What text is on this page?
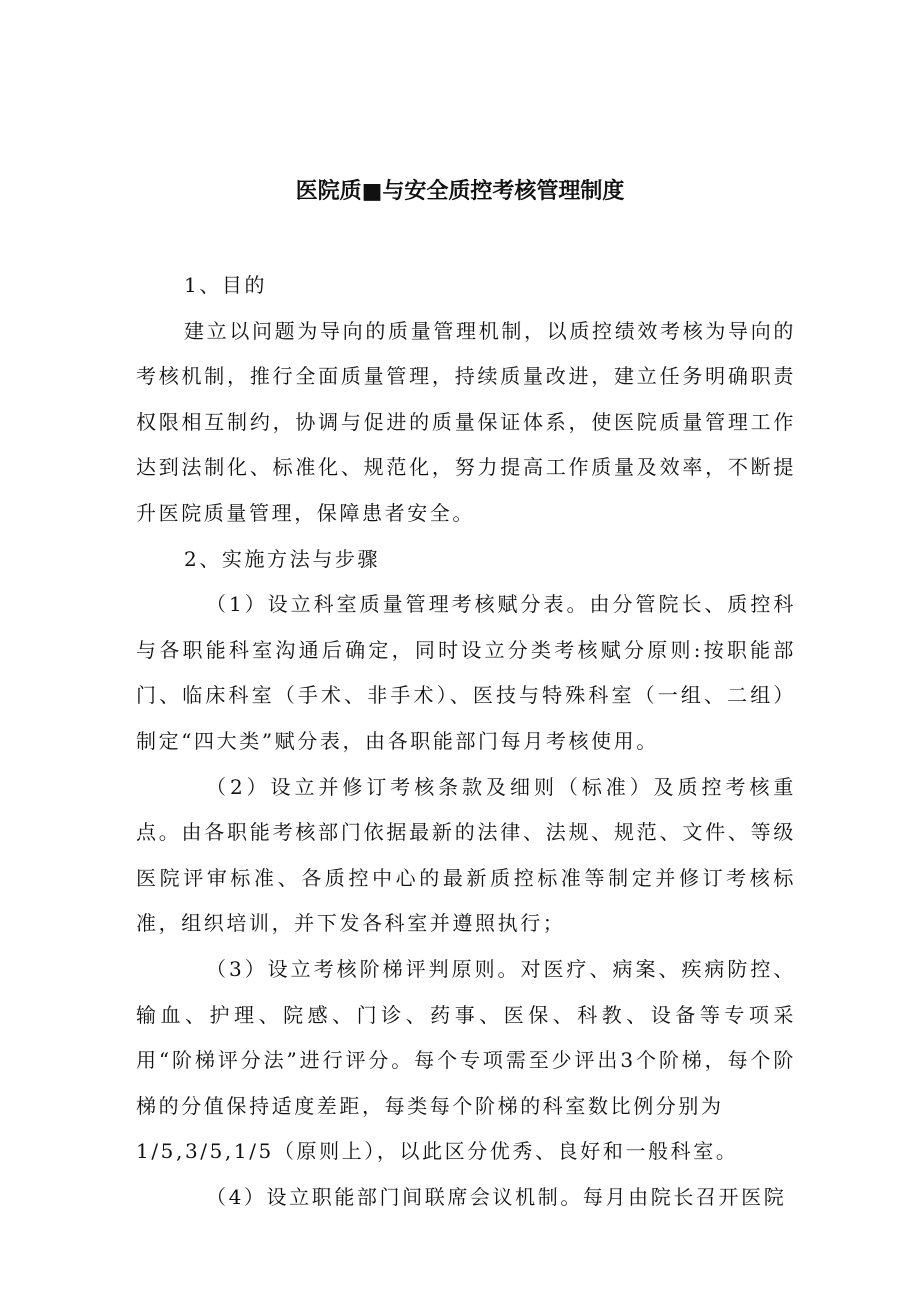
医院质■与安全质控考核管理制度

1、目的

建立以问题为导向的质量管理机制，以质控绩效考核为导向的考核机制，推行全面质量管理，持续质量改进，建立任务明确职责权限相互制约，协调与促进的质量保证体系，使医院质量管理工作达到法制化、标准化、规范化，努力提高工作质量及效率，不断提升医院质量管理，保障患者安全。

2、实施方法与步骤

（1）设立科室质量管理考核赋分表。由分管院长、质控科与各职能科室沟通后确定，同时设立分类考核赋分原则:按职能部门、临床科室（手术、非手术）、医技与特殊科室（一组、二组）制定“四大类”赋分表，由各职能部门每月考核使用。

（2）设立并修订考核条款及细则（标准）及质控考核重点。由各职能考核部门依据最新的法律、法规、规范、文件、等级医院评审标准、各质控中心的最新质控标准等制定并修订考核标准，组织培训，并下发各科室并遵照执行；

（3）设立考核阶梯评判原则。对医疗、病案、疾病防控、输血、护理、院感、门诊、药事、医保、科教、设备等专项采用“阶梯评分法”进行评分。每个专项需至少评出3个阶梯，每个阶梯的分值保持适度差距，每类每个阶梯的科室数比例分别为

1/5,3/5,1/5（原则上），以此区分优秀、良好和一般科室。

（4）设立职能部门间联席会议机制。每月由院长召开医院
